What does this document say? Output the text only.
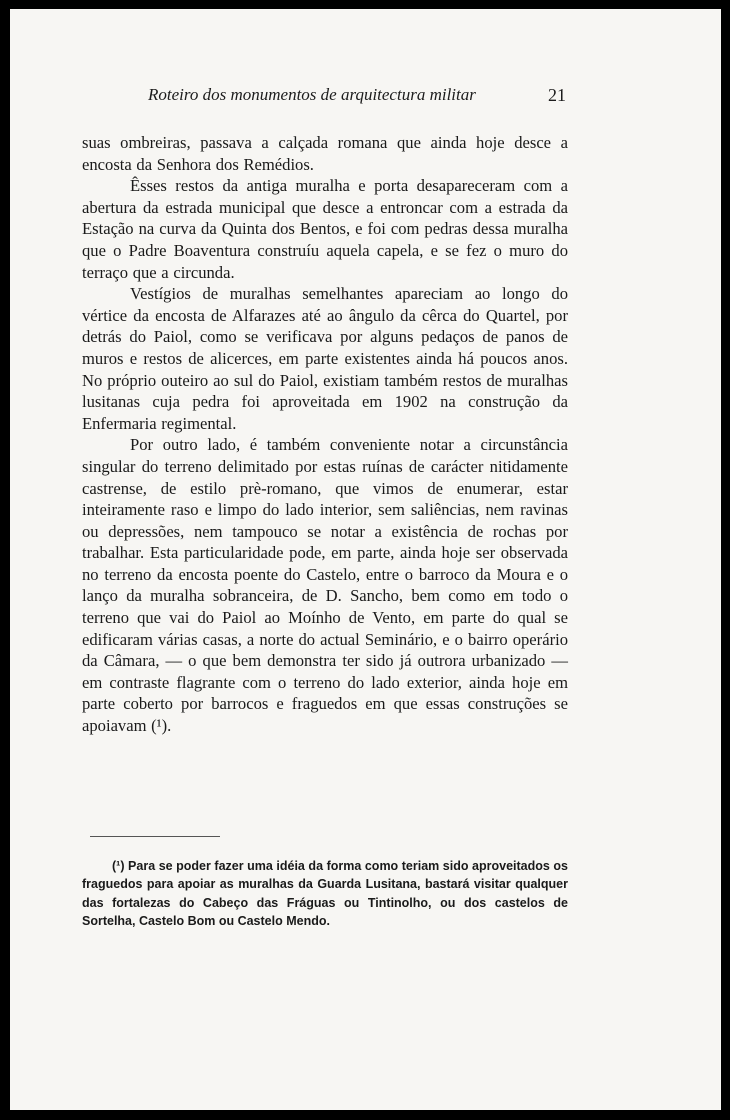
Roteiro dos monumentos de arquitectura militar	21

suas ombreiras, passava a calçada romana que ainda hoje desce a encosta da Senhora dos Remédios.

Êsses restos da antiga muralha e porta desapareceram com a abertura da estrada municipal que desce a entroncar com a estrada da Estação na curva da Quinta dos Bentos, e foi com pedras dessa muralha que o Padre Boaventura construíu aquela capela, e se fez o muro do terraço que a circunda.

Vestígios de muralhas semelhantes apareciam ao longo do vértice da encosta de Alfarazes até ao ângulo da cêrca do Quartel, por detrás do Paiol, como se verificava por alguns pedaços de panos de muros e restos de alicerces, em parte existentes ainda há poucos anos. No próprio outeiro ao sul do Paiol, existiam também restos de muralhas lusitanas cuja pedra foi aproveitada em 1902 na construção da Enfermaria regimental.

Por outro lado, é também conveniente notar a circunstância singular do terreno delimitado por estas ruínas de carácter nitidamente castrense, de estilo prè-romano, que vimos de enumerar, estar inteiramente raso e limpo do lado interior, sem saliências, nem ravinas ou depressões, nem tampouco se notar a existência de rochas por trabalhar. Esta particularidade pode, em parte, ainda hoje ser observada no terreno da encosta poente do Castelo, entre o barroco da Moura e o lanço da muralha sobranceira, de D. Sancho, bem como em todo o terreno que vai do Paiol ao Moínho de Vento, em parte do qual se edificaram várias casas, a norte do actual Seminário, e o bairro operário da Câmara, — o que bem demonstra ter sido já outrora urbanizado — em contraste flagrante com o terreno do lado exterior, ainda hoje em parte coberto por barrocos e fraguedos em que essas construções se apoiavam (¹).

(¹) Para se poder fazer uma idéia da forma como teriam sido aproveitados os fraguedos para apoiar as muralhas da Guarda Lusitana, bastará visitar qualquer das fortalezas do Cabeço das Fráguas ou Tintinolho, ou dos castelos de Sortelha, Castelo Bom ou Castelo Mendo.
